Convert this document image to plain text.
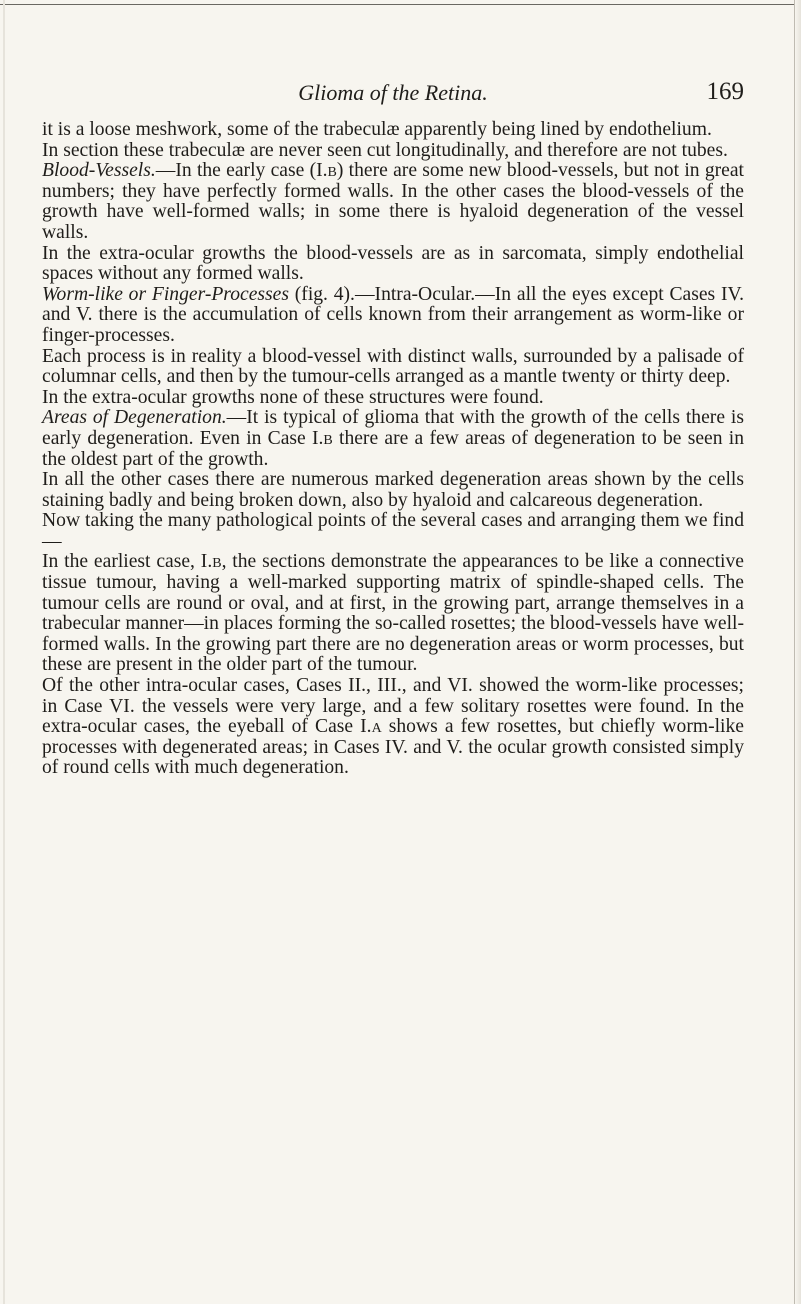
Glioma of the Retina.	169

it is a loose meshwork, some of the trabeculæ apparently being lined by endothelium.

In section these trabeculæ are never seen cut longitudinally, and therefore are not tubes.

Blood-Vessels.—In the early case (I.b) there are some new blood-vessels, but not in great numbers; they have perfectly formed walls. In the other cases the blood-vessels of the growth have well-formed walls; in some there is hyaloid degeneration of the vessel walls.

In the extra-ocular growths the blood-vessels are as in sarcomata, simply endothelial spaces without any formed walls.

Worm-like or Finger-Processes (fig. 4).—Intra-Ocular.—In all the eyes except Cases IV. and V. there is the accumulation of cells known from their arrangement as worm-like or finger-processes.

Each process is in reality a blood-vessel with distinct walls, surrounded by a palisade of columnar cells, and then by the tumour-cells arranged as a mantle twenty or thirty deep.

In the extra-ocular growths none of these structures were found.

Areas of Degeneration.—It is typical of glioma that with the growth of the cells there is early degeneration. Even in Case I.b there are a few areas of degeneration to be seen in the oldest part of the growth.

In all the other cases there are numerous marked degeneration areas shown by the cells staining badly and being broken down, also by hyaloid and calcareous degeneration.

Now taking the many pathological points of the several cases and arranging them we find—

In the earliest case, I.b, the sections demonstrate the appearances to be like a connective tissue tumour, having a well-marked supporting matrix of spindle-shaped cells. The tumour cells are round or oval, and at first, in the growing part, arrange themselves in a trabecular manner—in places forming the so-called rosettes; the blood-vessels have well-formed walls. In the growing part there are no degeneration areas or worm processes, but these are present in the older part of the tumour.

Of the other intra-ocular cases, Cases II., III., and VI. showed the worm-like processes; in Case VI. the vessels were very large, and a few solitary rosettes were found. In the extra-ocular cases, the eyeball of Case I.a shows a few rosettes, but chiefly worm-like processes with degenerated areas; in Cases IV. and V. the ocular growth consisted simply of round cells with much degeneration.
